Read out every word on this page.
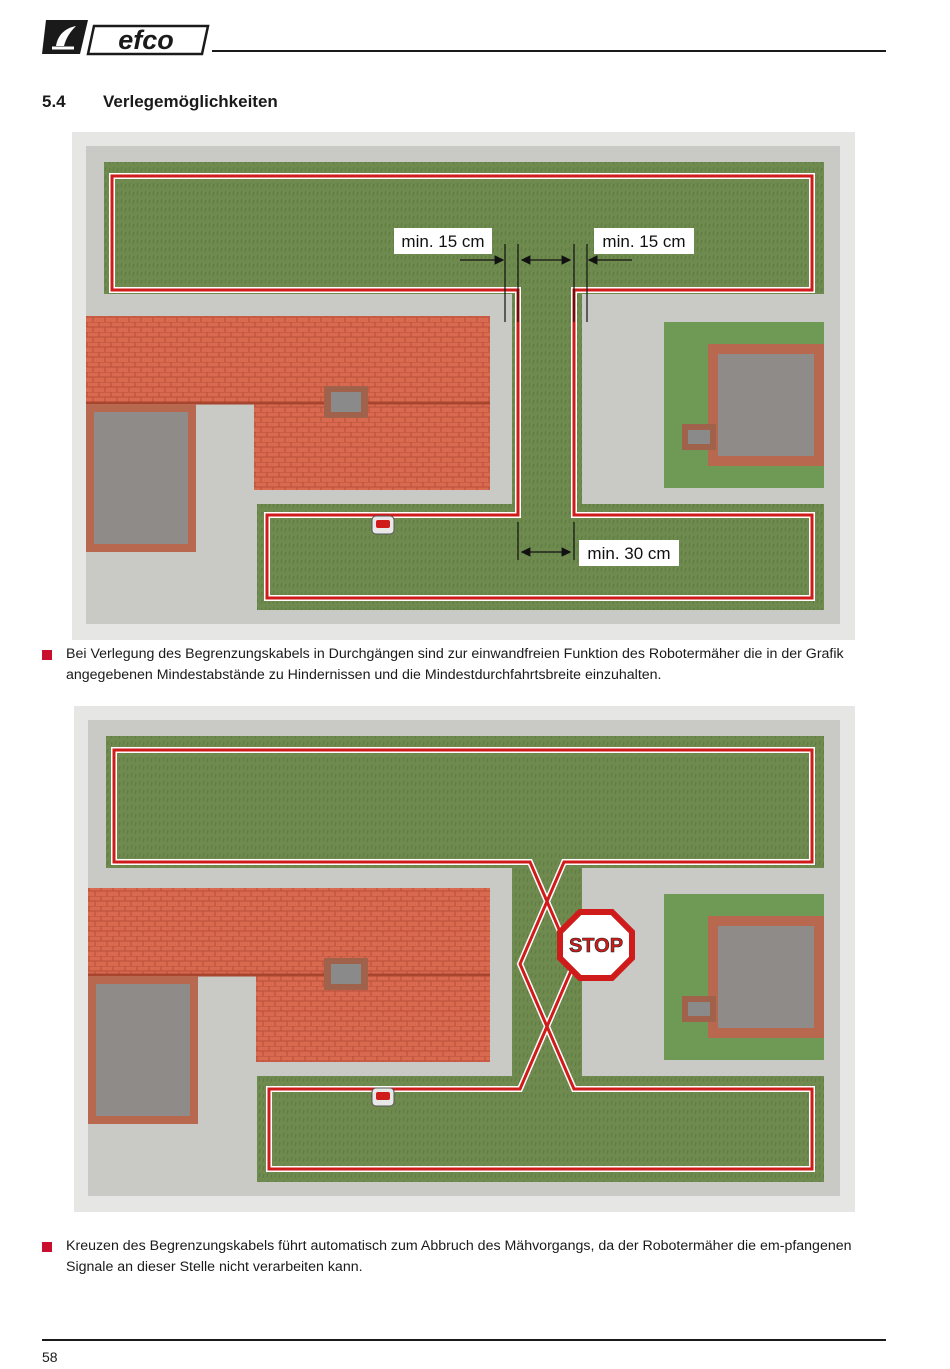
efco
5.4 Verlegemöglichkeiten
min. 15 cm	min. 15 cm
min. 30 cm
Bei Verlegung des Begrenzungskabels in Durchgängen sind zur einwandfreien Funktion des Robotermäher die in der Grafik angegebenen Mindestabstände zu Hindernissen und die Mindestdurchfahrtsbreite einzuhalten.
STOP
Kreuzen des Begrenzungskabels führt automatisch zum Abbruch des Mähvorgangs, da der Robotermäher die em-pfangenen Signale an dieser Stelle nicht verarbeiten kann.
58
